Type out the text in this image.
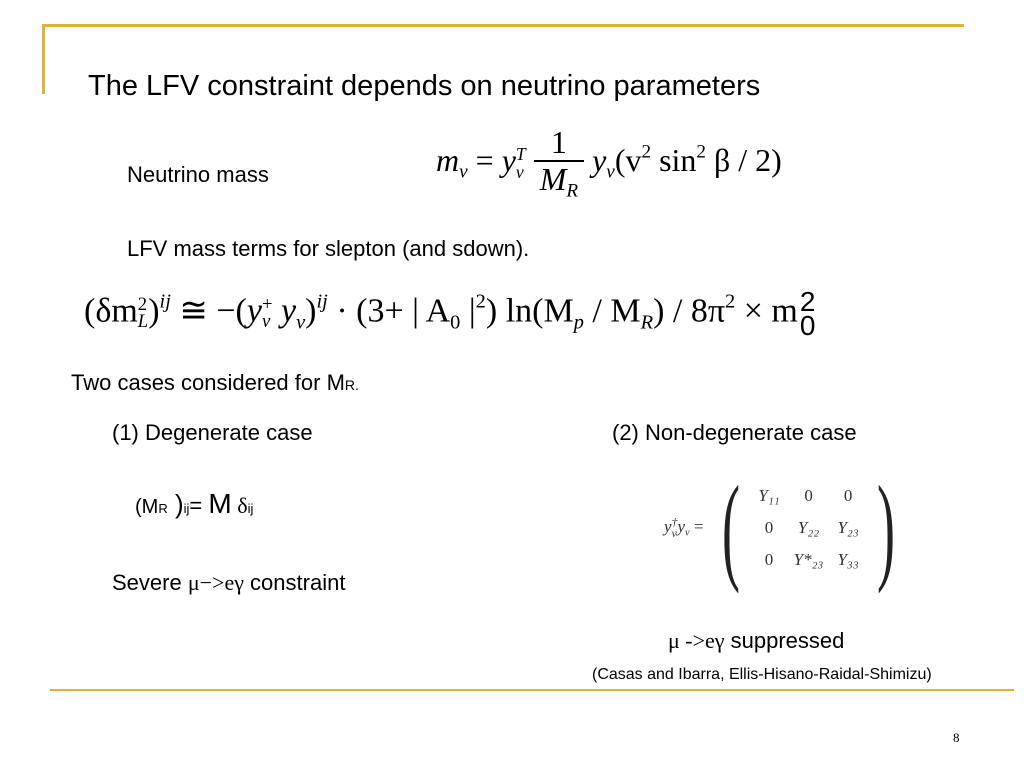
The LFV constraint depends on neutrino parameters
Neutrino mass	$m_\nu = y$ T
ν $\frac{1}{M_R} y_\nu(v^2$ $\sin^2 \beta / 2$)
LFV mass terms for slepton (and sdown).
(δm 2
L )$^{ij}$ ≅ −(y +
ν $y_\nu)^{ij} \cdot (3+$ | $A_0$ $|^2$) $\ln(M_p / M_R) / 8\pi^2 \times m$ 2
0
Two cases considered for MR.
(1) Degenerate case	(2) Non-degenerate case
(MR )ij= M δij
Severe μ−>eγ constraint
y †
ν $y_\nu$ = ( Y₁₁	0	0
0	Y₂₂	Y₂₃
0	Y*₂₃	Y₃₃ )
μ ->eγ suppressed
(Casas and Ibarra, Ellis-Hisano-Raidal-Shimizu)
8
